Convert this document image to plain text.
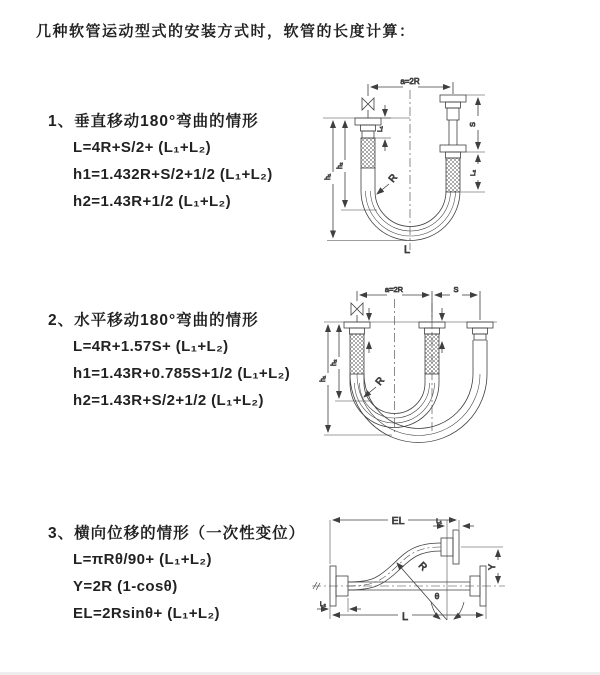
几种软管运动型式的安装方式时，软管的长度计算：
1、垂直移动180°弯曲的情形
L=4R+S/2+ (L₁+L₂)
h1=1.432R+S/2+1/2 (L₁+L₂)
h2=1.43R+1/2 (L₁+L₂)
2、水平移动180°弯曲的情形
L=4R+1.57S+ (L₁+L₂)
h1=1.43R+0.785S+1/2 (L₁+L₂)
h2=1.43R+S/2+1/2 (L₁+L₂)
3、横向位移的情形（一次性变位）
L=πRθ/90+ (L₁+L₂)
Y=2R (1-cosθ)
EL=2Rsinθ+ (L₁+L₂)
a=2R
R
L
h₁
h₂
L₁
S
L₂
a=2R	S
h₁
h₂
R
EL	L₁
R
θ
Y
L
L₂
